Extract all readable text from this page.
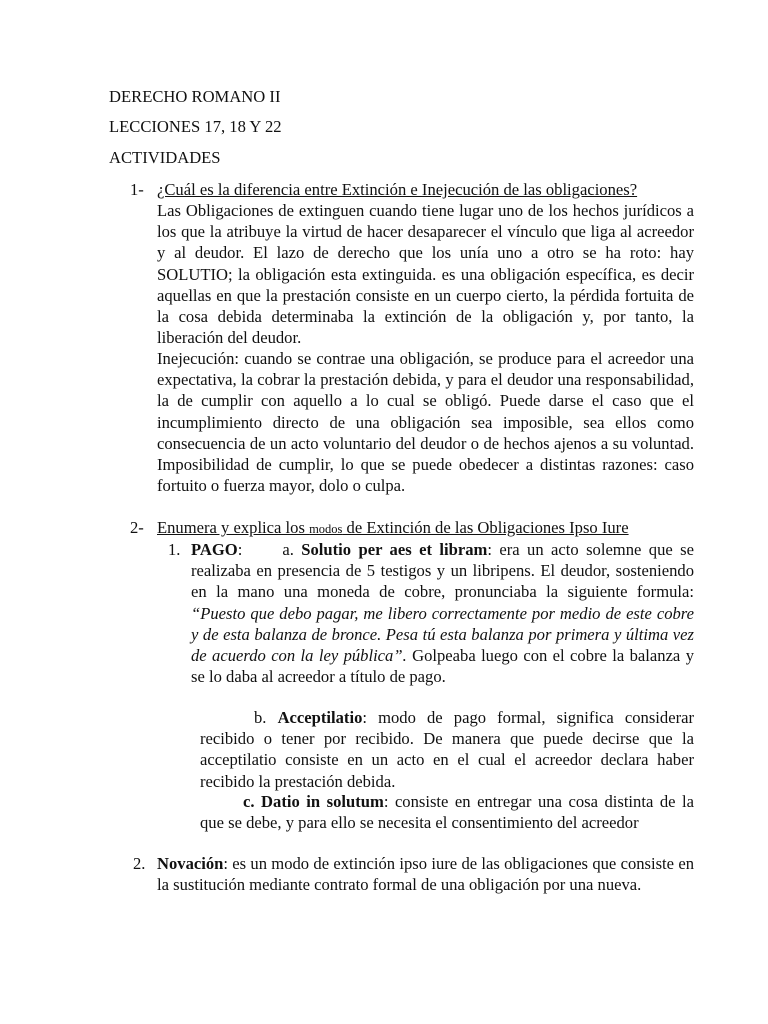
DERECHO ROMANO II
LECCIONES 17, 18 Y 22
ACTIVIDADES
1- ¿Cuál es la diferencia entre Extinción e Inejecución de las obligaciones?
Las Obligaciones de extinguen cuando tiene lugar uno de los hechos jurídicos a los que la atribuye la virtud de hacer desaparecer el vínculo que liga al acreedor y al deudor. El lazo de derecho que los unía uno a otro se ha roto: hay SOLUTIO; la obligación esta extinguida. es una obligación específica, es decir aquellas en que la prestación consiste en un cuerpo cierto, la pérdida fortuita de la cosa debida determinaba la extinción de la obligación y, por tanto, la liberación del deudor.
Inejecución: cuando se contrae una obligación, se produce para el acreedor una expectativa, la cobrar la prestación debida, y para el deudor una responsabilidad, la de cumplir con aquello a lo cual se obligó. Puede darse el caso que el incumplimiento directo de una obligación sea imposible, sea ellos como consecuencia de un acto voluntario del deudor o de hechos ajenos a su voluntad. Imposibilidad de cumplir, lo que se puede obedecer a distintas razones: caso fortuito o fuerza mayor, dolo o culpa.
2- Enumera y explica los modos de Extinción de las Obligaciones Ipso Iure
1. PAGO: a. Solutio per aes et libram: era un acto solemne que se realizaba en presencia de 5 testigos y un libripens. El deudor, sosteniendo en la mano una moneda de cobre, pronunciaba la siguiente formula: “Puesto que debo pagar, me libero correctamente por medio de este cobre y de esta balanza de bronce. Pesa tú esta balanza por primera y última vez de acuerdo con la ley pública”. Golpeaba luego con el cobre la balanza y se lo daba al acreedor a título de pago.
b. Acceptilatio: modo de pago formal, significa considerar recibido o tener por recibido. De manera que puede decirse que la acceptilatio consiste en un acto en el cual el acreedor declara haber recibido la prestación debida.
c. Datio in solutum: consiste en entregar una cosa distinta de la que se debe, y para ello se necesita el consentimiento del acreedor
2. Novación: es un modo de extinción ipso iure de las obligaciones que consiste en la sustitución mediante contrato formal de una obligación por una nueva.
